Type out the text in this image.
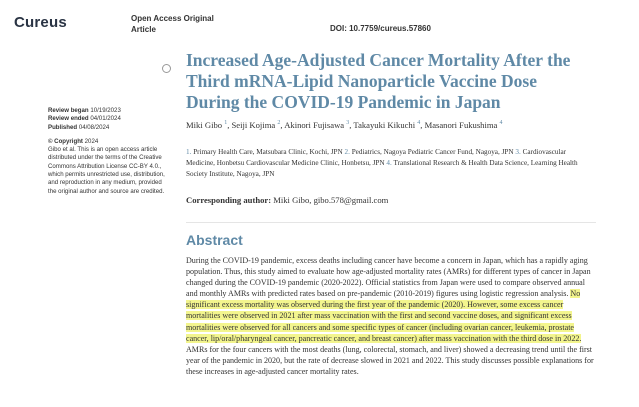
Cureus	Open Access Original
Article	DOI: 10.7759/cureus.57860
Increased Age-Adjusted Cancer Mortality After the Third mRNA-Lipid Nanoparticle Vaccine Dose During the COVID-19 Pandemic in Japan
Miki Gibo $^1$, Seiji Kojima $^2$, Akinori Fujisawa $^3$, Takayuki Kikuchi $^4$, Masanori Fukushima $^4$
1. Primary Health Care, Matsubara Clinic, Kochi, JPN 2. Pediatrics, Nagoya Pediatric Cancer Fund, Nagoya, JPN 3. Cardiovascular Medicine, Honbetsu Cardiovascular Medicine Clinic, Honbetsu, JPN 4. Translational Research & Health Data Science, Learning Health Society Institute, Nagoya, JPN
Corresponding author: Miki Gibo, gibo.578@gmail.com
Abstract

During the COVID-19 pandemic, excess deaths including cancer have become a concern in Japan, which has a rapidly aging population. Thus, this study aimed to evaluate how age-adjusted mortality rates (AMRs) for different types of cancer in Japan changed during the COVID-19 pandemic (2020-2022). Official statistics from Japan were used to compare observed annual and monthly AMRs with predicted rates based on pre-pandemic (2010-2019) figures using logistic regression analysis. No significant excess mortality was observed during the first year of the pandemic (2020). However, some excess cancer mortalities were observed in 2021 after mass vaccination with the first and second vaccine doses, and significant excess mortalities were observed for all cancers and some specific types of cancer (including ovarian cancer, leukemia, prostate cancer, lip/oral/pharyngeal cancer, pancreatic cancer, and breast cancer) after mass vaccination with the third dose in 2022. AMRs for the four cancers with the most deaths (lung, colorectal, stomach, and liver) showed a decreasing trend until the first year of the pandemic in 2020, but the rate of decrease slowed in 2021 and 2022. This study discusses possible explanations for these increases in age-adjusted cancer mortality rates.

Review began 10/19/2023
Review ended 04/01/2024
Published 04/08/2024
© Copyright 2024
Gibo et al. This is an open access article distributed under the terms of the Creative Commons Attribution License CC-BY 4.0., which permits unrestricted use, distribution, and reproduction in any medium, provided the original author and source are credited.
